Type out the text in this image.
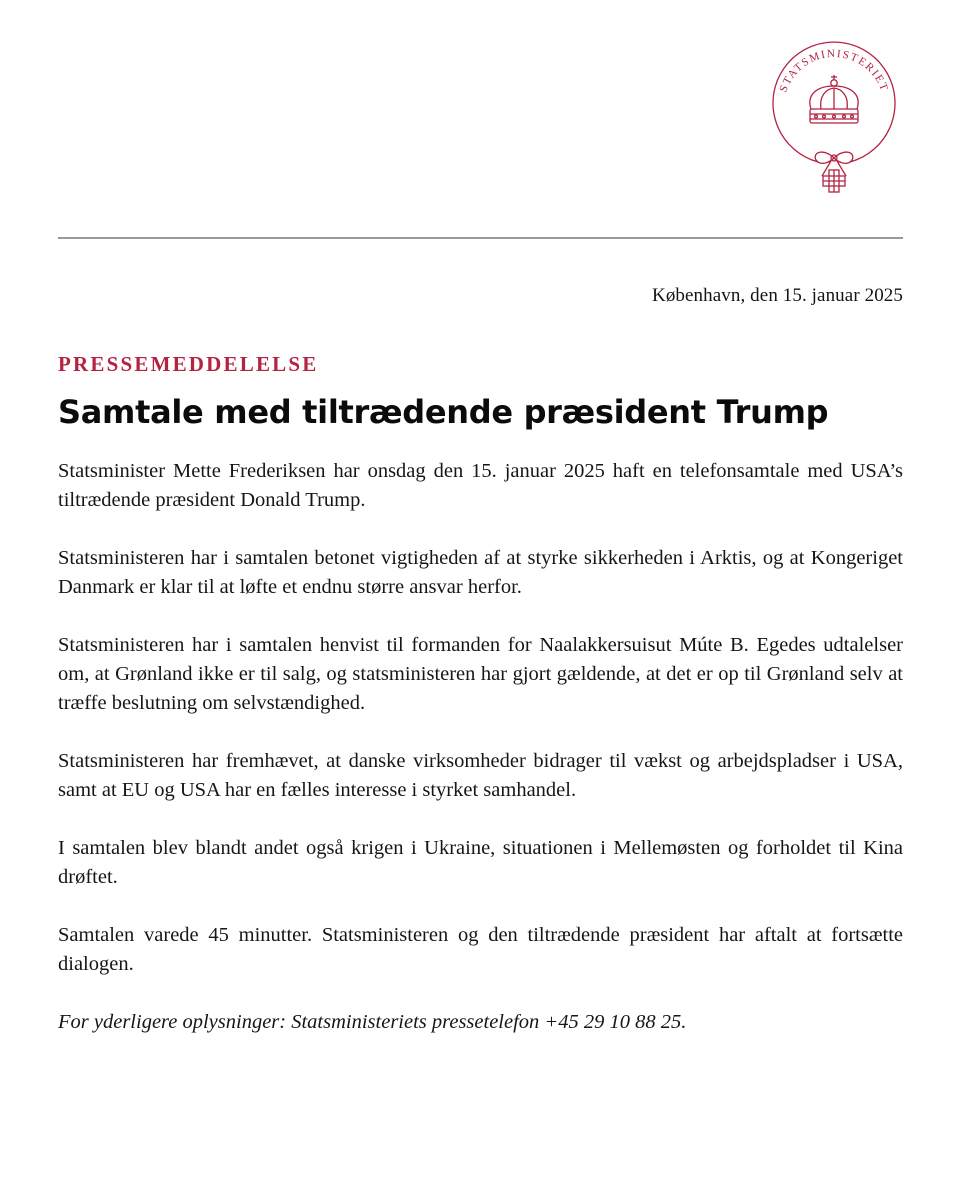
STATSMINISTERIET
København, den 15. januar 2025
PRESSEMEDDELELSE
Samtale med tiltrædende præsident Trump

Statsminister Mette Frederiksen har onsdag den 15. januar 2025 haft en telefonsamtale med USA’s tiltrædende præsident Donald Trump.

Statsministeren har i samtalen betonet vigtigheden af at styrke sikkerheden i Arktis, og at Kongeriget Danmark er klar til at løfte et endnu større ansvar herfor.

Statsministeren har i samtalen henvist til formanden for Naalakkersuisut Múte B. Egedes udtalelser om, at Grønland ikke er til salg, og statsministeren har gjort gældende, at det er op til Grønland selv at træffe beslutning om selvstændighed.

Statsministeren har fremhævet, at danske virksomheder bidrager til vækst og arbejdspladser i USA, samt at EU og USA har en fælles interesse i styrket samhandel.

I samtalen blev blandt andet også krigen i Ukraine, situationen i Mellemøsten og forholdet til Kina drøftet.

Samtalen varede 45 minutter. Statsministeren og den tiltrædende præsident har aftalt at fortsætte dialogen.

For yderligere oplysninger: Statsministeriets pressetelefon +45 29 10 88 25.
